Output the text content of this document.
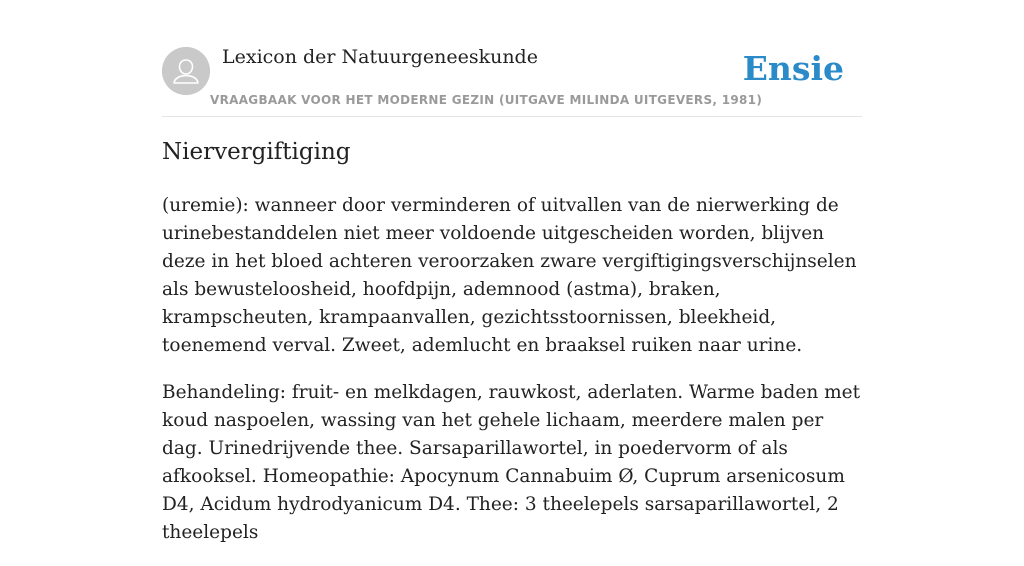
Lexicon der Natuurgeneeskunde
VRAAGBAAK VOOR HET MODERNE GEZIN (UITGAVE MILINDA UITGEVERS, 1981)
Ensie
Niervergiftiging

(uremie): wanneer door verminderen of uitvallen van de nierwerking de urinebestanddelen niet meer voldoende uitgescheiden worden, blijven deze in het bloed achteren veroorzaken zware vergiftigingsverschijnselen als bewusteloosheid, hoofdpijn, ademnood (astma), braken, krampscheuten, krampaanvallen, gezichtsstoornissen, bleekheid, toenemend verval. Zweet, ademlucht en braaksel ruiken naar urine.

Behandeling: fruit- en melkdagen, rauwkost, aderlaten. Warme baden met koud naspoelen, wassing van het gehele lichaam, meerdere malen per dag. Urinedrijvende thee. Sarsaparillawortel, in poedervorm of als afkooksel. Homeopathie: Apocynum Cannabuim Ø, Cuprum arsenicosum D4, Acidum hydrodyanicum D4. Thee: 3 theelepels sarsaparillawortel, 2 theelepels
